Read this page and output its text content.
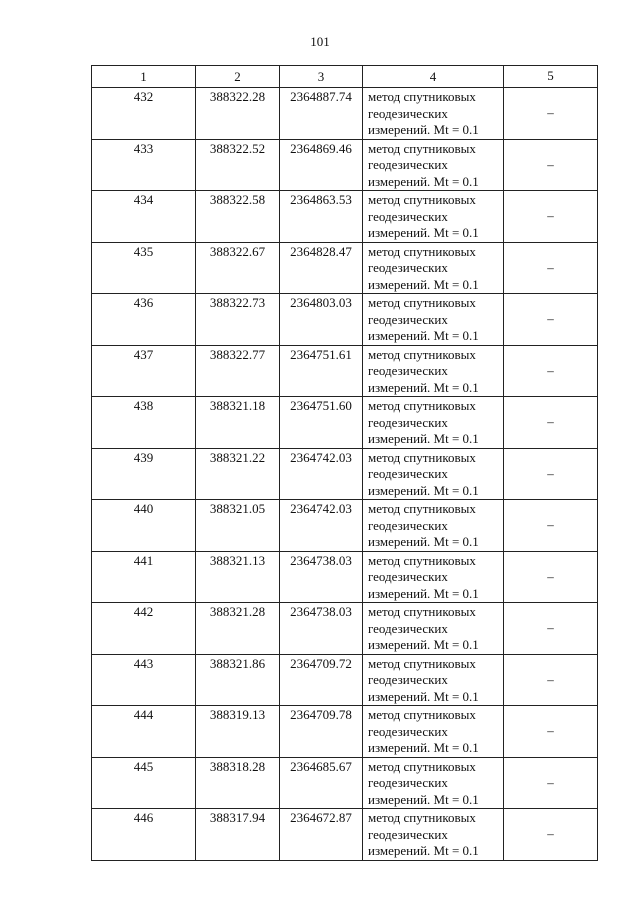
101
1	2	3	4	5
432	388322.28	2364887.74	метод спутниковых
геодезических
измерений. Mt = 0.1	–
433	388322.52	2364869.46	метод спутниковых
геодезических
измерений. Mt = 0.1	–
434	388322.58	2364863.53	метод спутниковых
геодезических
измерений. Mt = 0.1	–
435	388322.67	2364828.47	метод спутниковых
геодезических
измерений. Mt = 0.1	–
436	388322.73	2364803.03	метод спутниковых
геодезических
измерений. Mt = 0.1	–
437	388322.77	2364751.61	метод спутниковых
геодезических
измерений. Mt = 0.1	–
438	388321.18	2364751.60	метод спутниковых
геодезических
измерений. Mt = 0.1	–
439	388321.22	2364742.03	метод спутниковых
геодезических
измерений. Mt = 0.1	–
440	388321.05	2364742.03	метод спутниковых
геодезических
измерений. Mt = 0.1	–
441	388321.13	2364738.03	метод спутниковых
геодезических
измерений. Mt = 0.1	–
442	388321.28	2364738.03	метод спутниковых
геодезических
измерений. Mt = 0.1	–
443	388321.86	2364709.72	метод спутниковых
геодезических
измерений. Mt = 0.1	–
444	388319.13	2364709.78	метод спутниковых
геодезических
измерений. Mt = 0.1	–
445	388318.28	2364685.67	метод спутниковых
геодезических
измерений. Mt = 0.1	–
446	388317.94	2364672.87	метод спутниковых
геодезических
измерений. Mt = 0.1	–
